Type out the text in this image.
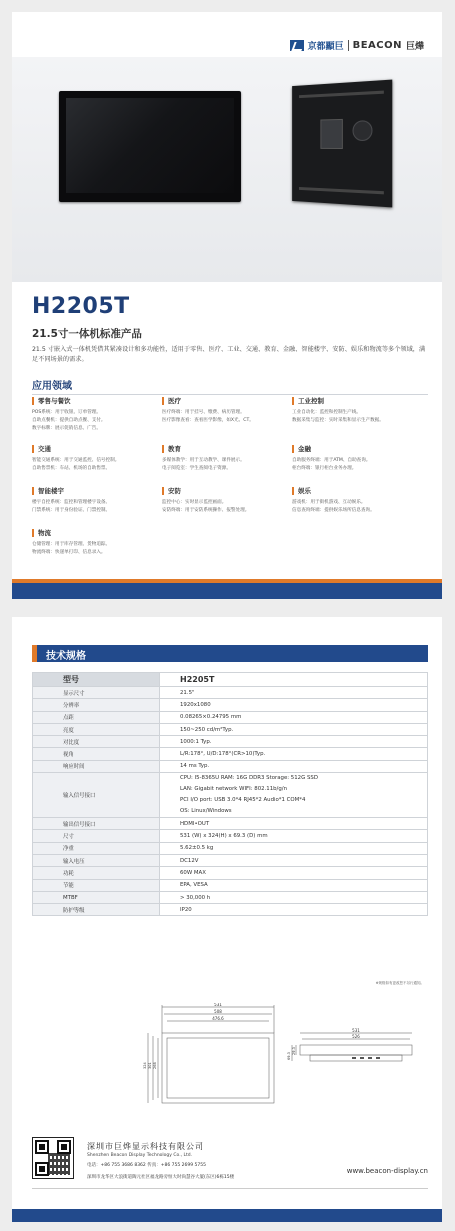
京都顯巨 BEACON 巨燁
H2205T
21.5寸一体机标准产品
21.5 寸嵌入式一体机凭借其紧凑设计和多功能性，适用于零售、医疗、工业、交通、教育、金融、智能楼宇、安防、娱乐和物流等多个领域，满足不同场景的需求。
应用领域
零售与餐饮
POS系统：用于收银、订单管理。
自助点餐机：提供自助点餐、支付。
数字标牌：展示促销信息、广告。
医疗
医疗终端：用于挂号、缴费、病历管理。
医疗影像查看：查看医学影像，如X光、CT。
工业控制
工业自动化：监控和控制生产线。
数据采集与监控：实时采集和显示生产数据。
交通
智能交通系统：用于交通监控、信号控制。
自助售票机：车站、机场的自助售票。
教育
多媒体教学：用于互动教学、课件展示。
电子阅览室：学生查阅电子资源。
金融
自助服务终端：用于ATM、自助查询。
柜台终端：银行柜台业务办理。
智能楼宇
楼宇自控系统：监控和管理楼宇设备。
门禁系统：用于身份验证、门禁控制。
安防
监控中心：实时显示监控画面。
安防终端：用于安防系统操作、报警处理。
娱乐
游戏机：用于街机游戏、互动娱乐。
信息查询终端：提供娱乐场所信息查询。
物流
仓储管理：用于库存管理、货物追踪。
物流终端：快递单打印、信息录入。
技术规格
型号	H2205T
显示尺寸	21.5"
分辨率	1920x1080
点距	0.08265×0.24795 mm
亮度	150~250 cd/m²Typ.
对比度	1000:1 Typ.
视角	L/R:178°, U/D:178°(CR>10)Typ.
响应时间	14 ms Typ.
输入信号接口	CPU: I5-8365U RAM: 16G DDR3 Storage: 512G SSD
LAN: Gigabit network WIFI: 802.11b/g/n
PCI I/O port: USB 3.0*4 RJ45*2 Audio*1 COM*4
OS: Linux/Windows

输出信号接口	HDMI•OUT
尺寸	531 (W) x 324(H) x 69.3 (D) mm
净重	5.62±0.5 kg
输入电压	DC12V
功耗	60W MAX
节能	EPA, VESA
MTBF	> 30,000 h
防护等级	IP20
※规格如有更改恕不另行通知。
531
508
476.6
531
526
324 301 268
69.3
29.3
深圳市巨烨显示科技有限公司
Shenzhen Beacon Display Technology Co., Ltd.
电话：+86 755 3686 8362 传真：+86 755 2699 5755
深圳市龙华区大浪街道陶元社区福龙路旁恒大时尚慧谷大厦(东区)6栋15楼
www.beacon-display.cn
